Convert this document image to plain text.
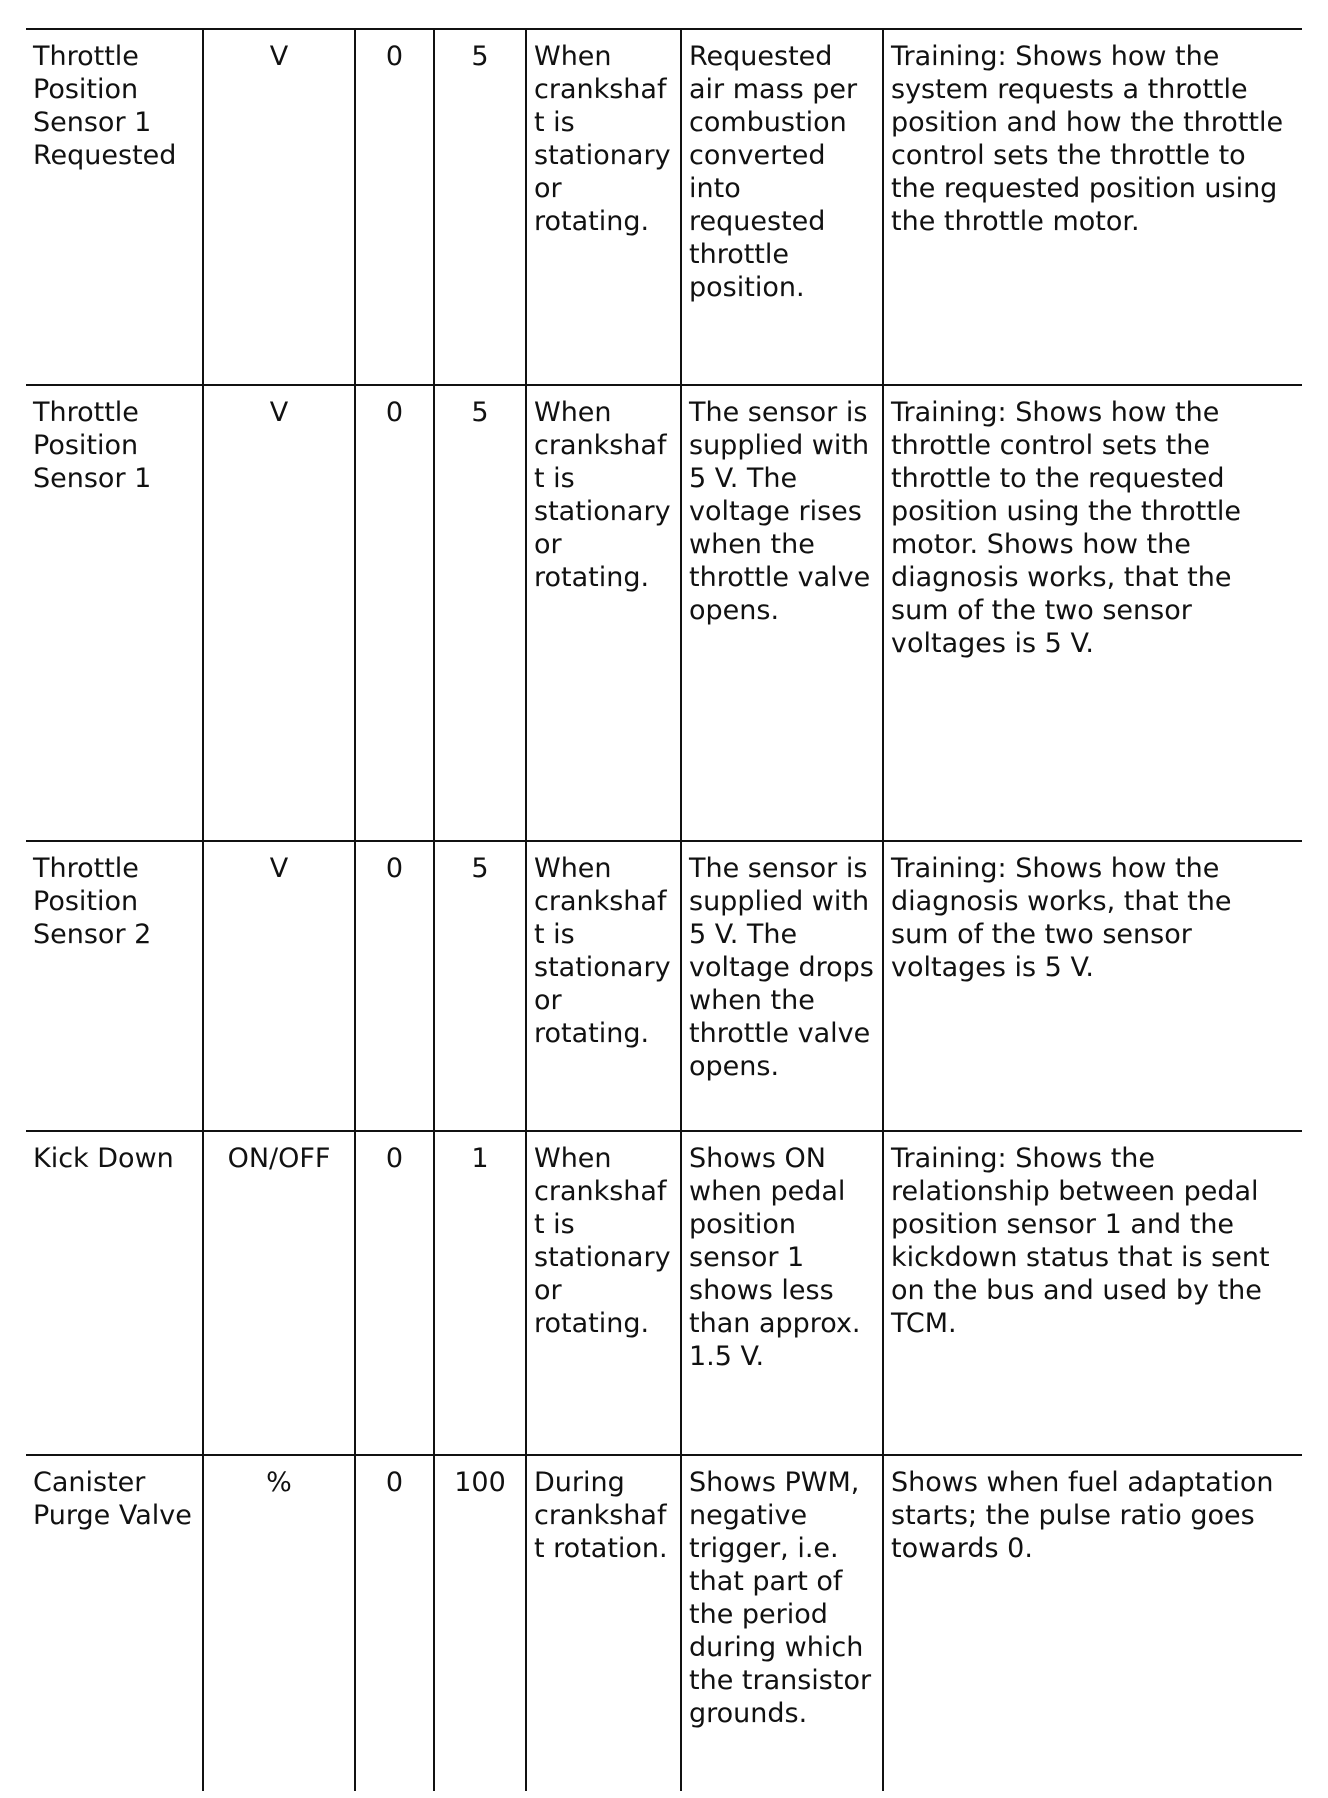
Throttle Position Sensor 1 Requested	V	0	5	When crankshaft is stationary or rotating.	Requested air mass per combustion converted into requested throttle position.	Training: Shows how the system requests a throttle position and how the throttle control sets the throttle to the requested position using the throttle motor.
Throttle Position Sensor 1	V	0	5	When crankshaft is stationary or rotating.	The sensor is supplied with 5 V. The voltage rises when the throttle valve opens.	Training: Shows how the throttle control sets the throttle to the requested position using the throttle motor. Shows how the diagnosis works, that the sum of the two sensor voltages is 5 V.
Throttle Position Sensor 2	V	0	5	When crankshaft is stationary or rotating.	The sensor is supplied with 5 V. The voltage drops when the throttle valve opens.	Training: Shows how the diagnosis works, that the sum of the two sensor voltages is 5 V.
Kick Down	ON/OFF	0	1	When crankshaft is stationary or rotating.	Shows ON when pedal position sensor 1 shows less than approx. 1.5 V.	Training: Shows the relationship between pedal position sensor 1 and the kickdown status that is sent on the bus and used by the TCM.
Canister Purge Valve	%	0	100	During crankshaft rotation.	Shows PWM, negative trigger, i.e. that part of the period during which the transistor grounds.	Shows when fuel adaptation starts; the pulse ratio goes towards 0.
